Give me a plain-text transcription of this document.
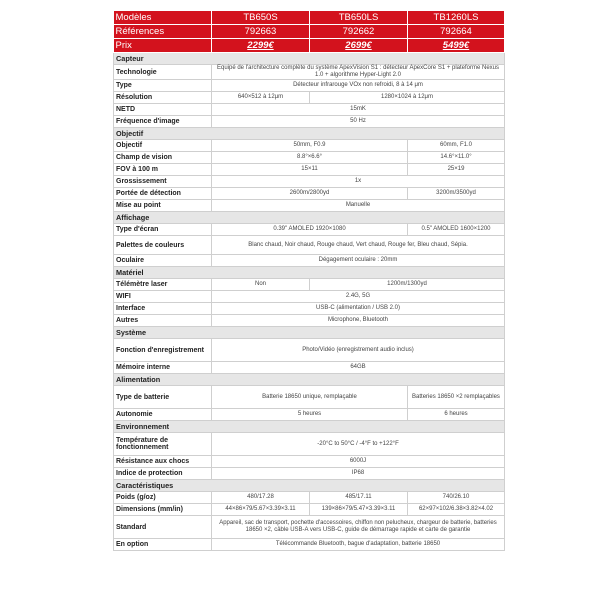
Modèles	TB650S	TB650LS	TB1260LS
Références	792663	792662	792664
Prix	2299€	2699€	5499€
Capteur			
Technologie	Equipé de l'architecture complète du système ApexVision S1 : détecteur ApexCore S1 + plateforme Nexus 1.0 + algorithme Hyper-Light 2.0		
Type	Détecteur infrarouge VOx non refroidi, 8 à 14 μm		
Résolution	640×512 à 12μm	1280×1024 à 12μm	
NETD	15mK		
Fréquence d'image	50 Hz		
Objectif			
Objectif	50mm, F0.9		60mm, F1.0
Champ de vision	8.8°×6.6°		14.6°×11.0°
FOV à 100 m	15×11		25×19
Grossissement	1x		
Portée de détection	2600m/2800yd		3200m/3500yd
Mise au point	Manuelle		
Affichage			
Type d'écran	0.39" AMOLED 1920×1080		0.5" AMOLED 1600×1200
Palettes de couleurs	Blanc chaud, Noir chaud, Rouge chaud, Vert chaud, Rouge fer, Bleu chaud, Sépia.		
Oculaire	Dégagement oculaire : 20mm		
Matériel			
Télémètre laser	Non	1200m/1300yd	
WIFI	2.4G, 5G		
Interface	USB-C (alimentation / USB 2.0)		
Autres	Microphone, Bluetooth		
Système			
Fonction d'enregistrement	Photo/Vidéo (enregistrement audio inclus)		
Mémoire interne	64GB		
Alimentation			
Type de batterie	Batterie 18650 unique, remplaçable		Batteries 18650 ×2 remplaçables
Autonomie	5 heures		6 heures
Environnement			
Température de fonctionnement	-20°C to 50°C / -4°F to +122°F		
Résistance aux chocs	6000J		
Indice de protection	IP68		
Caractéristiques			
Poids (g/oz)	480/17.28	485/17.11	740/26.10
Dimensions (mm/in)	44×86×79/5.67×3.39×3.11	139×86×79/5.47×3.39×3.11	62×97×102/6.38×3.82×4.02
Standard	Appareil, sac de transport, pochette d'accessoires, chiffon non pelucheux, chargeur de batterie, batteries 18650 ×2, câble USB-A vers USB-C, guide de démarrage rapide et carte de garantie		
En option	Télécommande Bluetooth, bague d'adaptation, batterie 18650		
